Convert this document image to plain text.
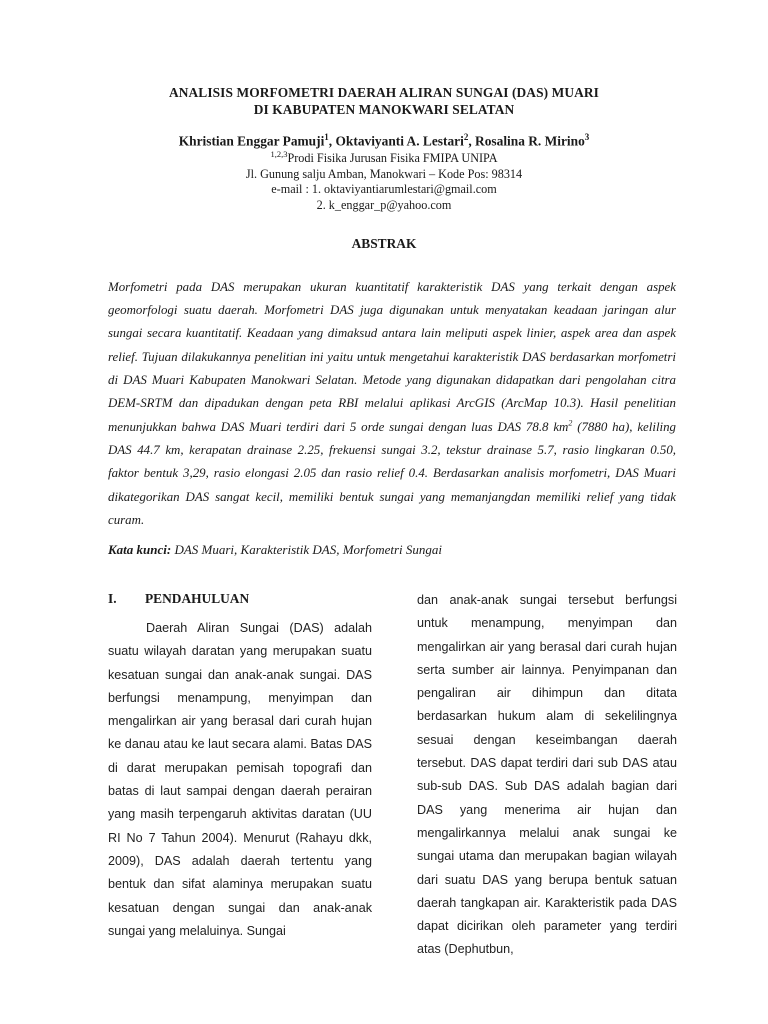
ANALISIS MORFOMETRI DAERAH ALIRAN SUNGAI (DAS) MUARI
DI KABUPATEN MANOKWARI SELATAN
Khristian Enggar Pamuji$^1$, Oktaviyanti A. Lestari$^2$, Rosalina R. Mirino$^3$
$^{1,2,3}$Prodi Fisika Jurusan Fisika FMIPA UNIPA
Jl. Gunung salju Amban, Manokwari – Kode Pos: 98314
e-mail : 1. oktaviyantiarumlestari@gmail.com
2. k_enggar_p@yahoo.com
ABSTRAK

Morfometri pada DAS merupakan ukuran kuantitatif karakteristik DAS yang terkait dengan aspek geomorfologi suatu daerah. Morfometri DAS juga digunakan untuk menyatakan keadaan jaringan alur sungai secara kuantitatif. Keadaan yang dimaksud antara lain meliputi aspek linier, aspek area dan aspek relief. Tujuan dilakukannya penelitian ini yaitu untuk mengetahui karakteristik DAS berdasarkan morfometri di DAS Muari Kabupaten Manokwari Selatan. Metode yang digunakan didapatkan dari pengolahan citra DEM-SRTM dan dipadukan dengan peta RBI melalui aplikasi ArcGIS (ArcMap 10.3). Hasil penelitian menunjukkan bahwa DAS Muari terdiri dari 5 orde sungai dengan luas DAS 78.8 $km^2$ (7880 ha), keliling DAS 44.7 km, kerapatan drainase 2.25, frekuensi sungai 3.2, tekstur drainase 5.7, rasio lingkaran 0.50, faktor bentuk 3,29, rasio elongasi 2.05 dan rasio relief 0.4. Berdasarkan analisis morfometri, DAS Muari dikategorikan DAS sangat kecil, memiliki bentuk sungai yang memanjangdan memiliki relief yang tidak curam.

Kata kunci: DAS Muari, Karakteristik DAS, Morfometri Sungai
I. PENDAHULUAN

Daerah Aliran Sungai (DAS) adalah suatu wilayah daratan yang merupakan suatu kesatuan sungai dan anak-anak sungai. DAS berfungsi menampung, menyimpan dan mengalirkan air yang berasal dari curah hujan ke danau atau ke laut secara alami. Batas DAS di darat merupakan pemisah topografi dan batas di laut sampai dengan daerah perairan yang masih terpengaruh aktivitas daratan (UU RI No 7 Tahun 2004). Menurut (Rahayu dkk, 2009), DAS adalah daerah tertentu yang bentuk dan sifat alaminya merupakan suatu kesatuan dengan sungai dan anak-anak sungai yang melaluinya. Sungai

dan anak-anak sungai tersebut berfungsi untuk menampung, menyimpan dan mengalirkan air yang berasal dari curah hujan serta sumber air lainnya. Penyimpanan dan pengaliran air dihimpun dan ditata berdasarkan hukum alam di sekelilingnya sesuai dengan keseimbangan daerah tersebut. DAS dapat terdiri dari sub DAS atau sub-sub DAS. Sub DAS adalah bagian dari DAS yang menerima air hujan dan mengalirkannya melalui anak sungai ke sungai utama dan merupakan bagian wilayah dari suatu DAS yang berupa bentuk satuan daerah tangkapan air. Karakteristik pada DAS dapat dicirikan oleh parameter yang terdiri atas (Dephutbun,
